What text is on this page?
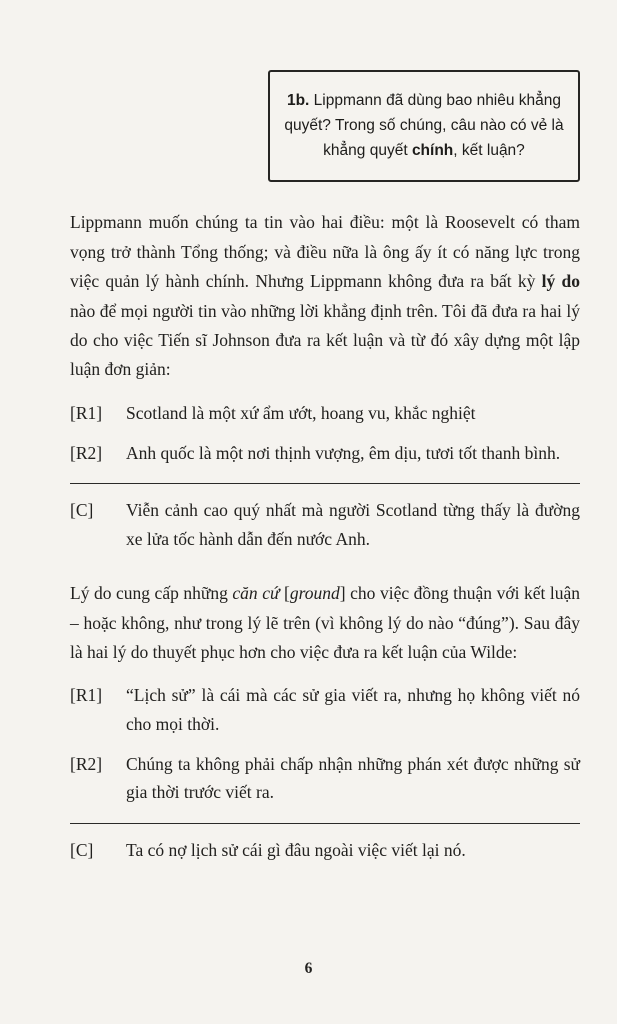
1b. Lippmann đã dùng bao nhiêu khẳng quyết? Trong số chúng, câu nào có vẻ là khẳng quyết chính, kết luận?

Lippmann muốn chúng ta tin vào hai điều: một là Roosevelt có tham vọng trở thành Tổng thống; và điều nữa là ông ấy ít có năng lực trong việc quản lý hành chính. Nhưng Lippmann không đưa ra bất kỳ lý do nào để mọi người tin vào những lời khẳng định trên. Tôi đã đưa ra hai lý do cho việc Tiến sĩ Johnson đưa ra kết luận và từ đó xây dựng một lập luận đơn giản:

[R1]	Scotland là một xứ ẩm ướt, hoang vu, khắc nghiệt
[R2]	Anh quốc là một nơi thịnh vượng, êm dịu, tươi tốt thanh bình.
[C]	Viễn cảnh cao quý nhất mà người Scotland từng thấy là đường xe lửa tốc hành dẫn đến nước Anh.

Lý do cung cấp những căn cứ [ground] cho việc đồng thuận với kết luận – hoặc không, như trong lý lẽ trên (vì không lý do nào “đúng”). Sau đây là hai lý do thuyết phục hơn cho việc đưa ra kết luận của Wilde:

[R1]	“Lịch sử” là cái mà các sử gia viết ra, nhưng họ không viết nó cho mọi thời.
[R2]	Chúng ta không phải chấp nhận những phán xét được những sử gia thời trước viết ra.
[C]	Ta có nợ lịch sử cái gì đâu ngoài việc viết lại nó.
6
